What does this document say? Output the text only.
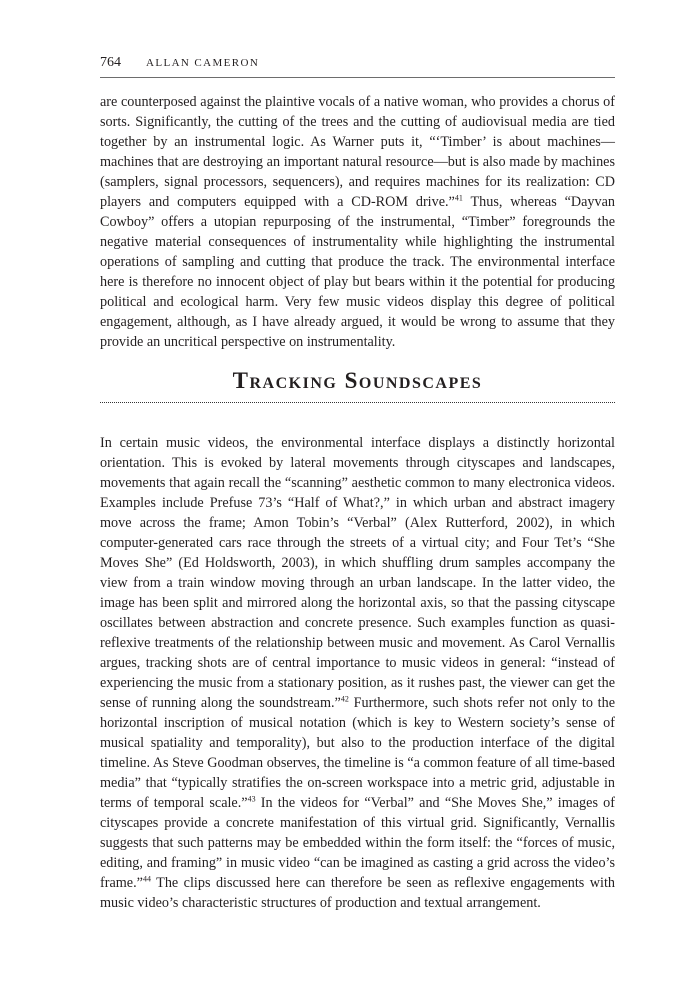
764 ALLAN CAMERON

are counterposed against the plaintive vocals of a native woman, who provides a chorus of sorts. Significantly, the cutting of the trees and the cutting of audiovisual media are tied together by an instrumental logic. As Warner puts it, “‘Timber’ is about machines—machines that are destroying an important natural resource—but is also made by machines (samplers, signal processors, sequencers), and requires machines for its realization: CD players and computers equipped with a CD-ROM drive.”$^{41}$ Thus, whereas “Dayvan Cowboy” offers a utopian repurposing of the instrumental, “Timber” foregrounds the negative material consequences of instrumentality while highlighting the instrumental operations of sampling and cutting that produce the track. The environmental interface here is therefore no innocent object of play but bears within it the potential for producing political and ecological harm. Very few music videos display this degree of political engagement, although, as I have already argued, it would be wrong to assume that they provide an uncritical perspective on instrumentality.

Tracking Soundscapes

In certain music videos, the environmental interface displays a distinctly horizontal orientation. This is evoked by lateral movements through cityscapes and landscapes, movements that again recall the “scanning” aesthetic common to many electronica videos. Examples include Prefuse 73’s “Half of What?,” in which urban and abstract imagery move across the frame; Amon Tobin’s “Verbal” (Alex Rutterford, 2002), in which computer-generated cars race through the streets of a virtual city; and Four Tet’s “She Moves She” (Ed Holdsworth, 2003), in which shuffling drum samples accompany the view from a train window moving through an urban landscape. In the latter video, the image has been split and mirrored along the horizontal axis, so that the passing cityscape oscillates between abstraction and concrete presence. Such examples function as quasi-reflexive treatments of the relationship between music and movement. As Carol Vernallis argues, tracking shots are of central importance to music videos in general: “instead of experiencing the music from a stationary position, as it rushes past, the viewer can get the sense of running along the soundstream.”$^{42}$ Furthermore, such shots refer not only to the horizontal inscription of musical notation (which is key to Western society’s sense of musical spatiality and temporality), but also to the production interface of the digital timeline. As Steve Goodman observes, the timeline is “a common feature of all time-based media” that “typically stratifies the on-screen workspace into a metric grid, adjustable in terms of temporal scale.”$^{43}$ In the videos for “Verbal” and “She Moves She,” images of cityscapes provide a concrete manifestation of this virtual grid. Significantly, Vernallis suggests that such patterns may be embedded within the form itself: the “forces of music, editing, and framing” in music video “can be imagined as casting a grid across the video’s frame.”$^{44}$ The clips discussed here can therefore be seen as reflexive engagements with music video’s characteristic structures of production and textual arrangement.
